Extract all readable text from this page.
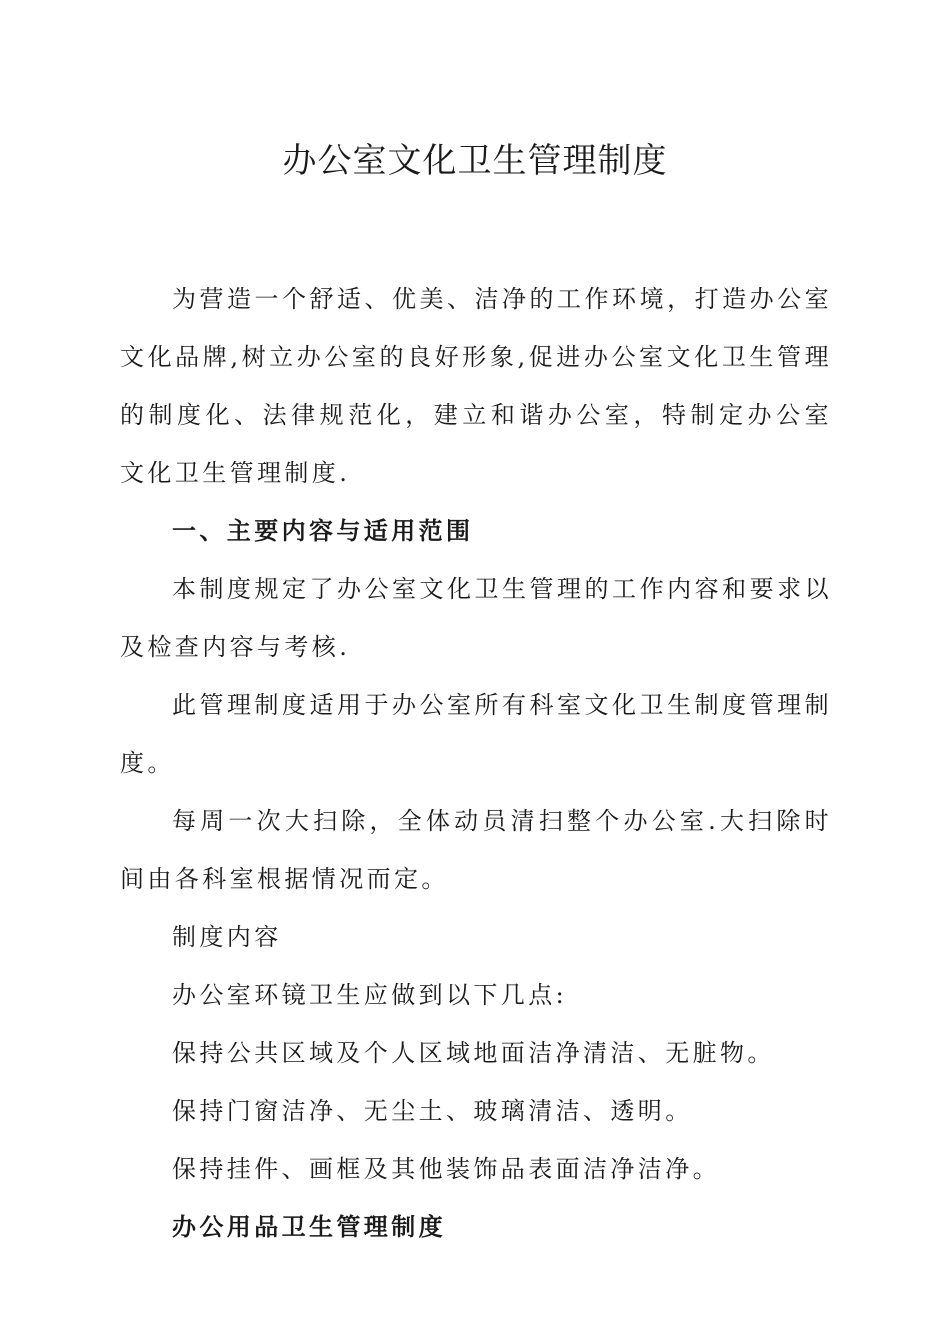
办公室文化卫生管理制度

为营造一个舒适、优美、洁净的工作环境，打造办公室文化品牌,树立办公室的良好形象,促进办公室文化卫生管理的制度化、法律规范化，建立和谐办公室，特制定办公室文化卫生管理制度.

一、主要内容与适用范围

本制度规定了办公室文化卫生管理的工作内容和要求以及检查内容与考核.

此管理制度适用于办公室所有科室文化卫生制度管理制度。

每周一次大扫除，全体动员清扫整个办公室.大扫除时间由各科室根据情况而定。

制度内容

办公室环镜卫生应做到以下几点:

保持公共区域及个人区域地面洁净清洁、无脏物。

保持门窗洁净、无尘土、玻璃清洁、透明。

保持挂件、画框及其他装饰品表面洁净洁净。

办公用品卫生管理制度
